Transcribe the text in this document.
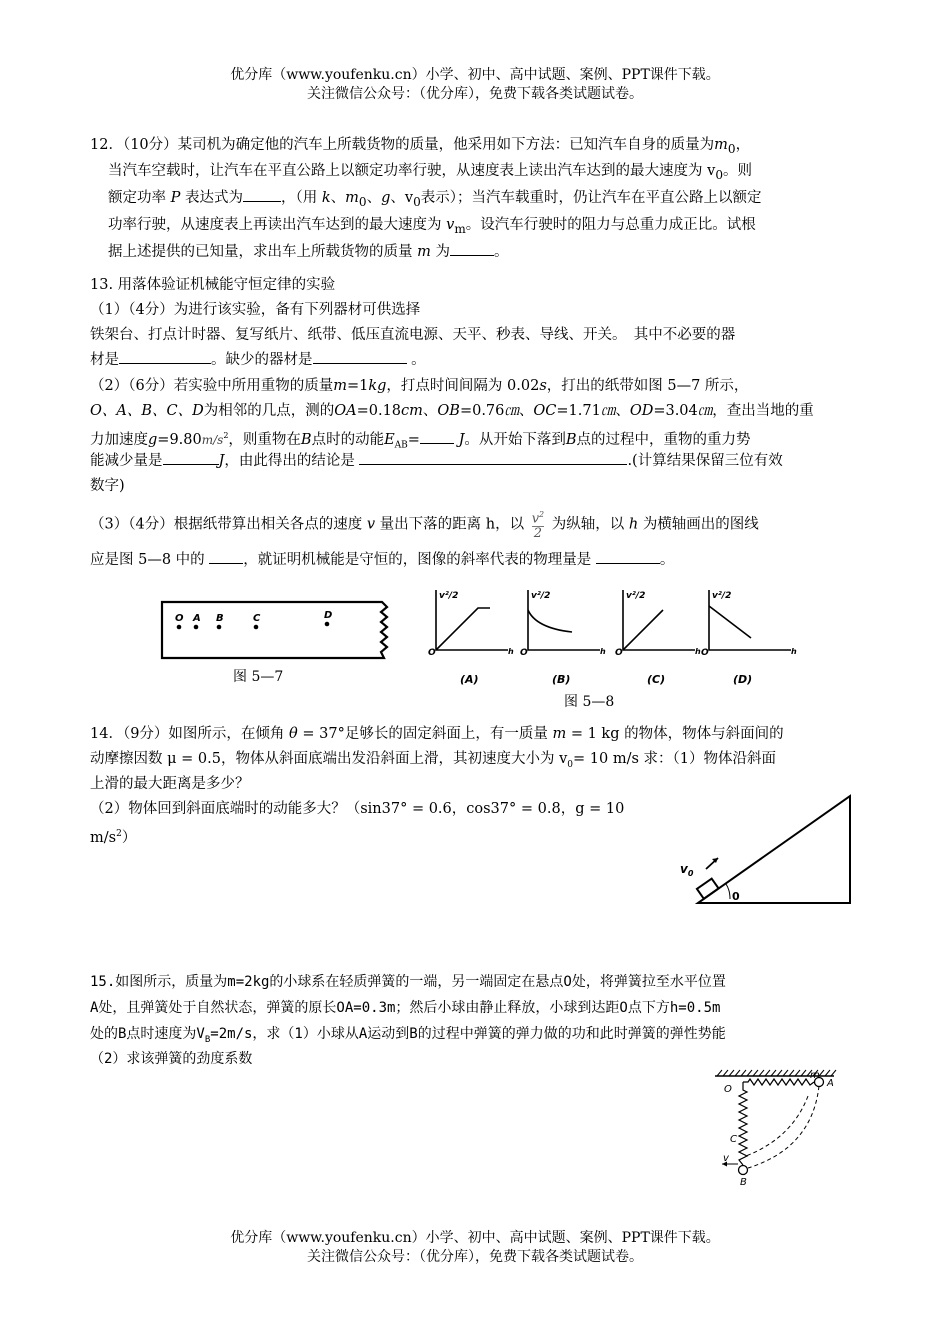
优分库（www.youfenku.cn）小学、初中、高中试题、案例、PPT课件下载。
关注微信公众号：（优分库），免费下载各类试题试卷。
12．（10分）某司机为确定他的汽车上所载货物的质量，他采用如下方法：已知汽车自身的质量为$m_0$，
当汽车空载时，让汽车在平直公路上以额定功率行驶，从速度表上读出汽车达到的最大速度为 $v_0$。则
额定功率 P 表达式为	，（用 k、$m_0$、g、$v_0$表示）；当汽车载重时，仍让汽车在平直公路上以额定
功率行驶，从速度表上再读出汽车达到的最大速度为 $v_m$。设汽车行驶时的阻力与总重力成正比。试根
据上述提供的已知量，求出车上所载货物的质量 m 为	。
13. 用落体验证机械能守恒定律的实验
（1）（4分）为进行该实验，备有下列器材可供选择
铁架台、打点计时器、复写纸片、纸带、低压直流电源、天平、秒表、导线、开关。　其中不必要的器
材是	。缺少的器材是	。
（2）（6分）若实验中所用重物的质量m=1kg，打点时间间隔为 0.02s，打出的纸带如图 5—7 所示，
O、A、B、C、D为相邻的几点，测的OA=0.18cm、OB=0.76㎝、OC=1.71㎝、OD=3.04㎝，查出当地的重
力加速度$g=9.80m/s^2$，则重物在B点时的动能$E_{AB}=$	J。从开始下落到B点的过程中，重物的重力势
能减少量是	J，由此得出的结论是	.(计算结果保留三位有效
数字)
（3）（4分）根据纸带算出相关各点的速度 v 量出下落的距离 h，以 $\frac{v^2}{2}$ 为纵轴，以 h 为横轴画出的图线
应是图 5—8 中的	，就证明机械能是守恒的，图像的斜率代表的物理量是	。
O A B	C	D
图 5—7
v²/2
h
O
(A)
v²/2
h
O
(B)
v²/2
h
O
(C)
v²/2
h
O
(D)
图 5—8
14．（9分）如图所示，在倾角 θ = 37°足够长的固定斜面上，有一质量 m = 1 kg 的物体，物体与斜面间的
动摩擦因数 μ = 0.5，物体从斜面底端出发沿斜面上滑，其初速度大小为 $v_0= 10$ m/s 求：（1）物体沿斜面
上滑的最大距离是多少？
（2）物体回到斜面底端时的动能多大？（sin37° = 0.6，cos37° = 0.8，g = 10
$m/s^2$）
$v_0$
0
15.如图所示，质量为m=2kg的小球系在轻质弹簧的一端，另一端固定在悬点O处，将弹簧拉至水平位置
A处，且弹簧处于自然状态，弹簧的原长OA=0.3m；然后小球由静止释放，小球到达距O点下方h=0.5m
处的B点时速度为$V_B=2m/s$，求（1）小球从A运动到B的过程中弹簧的弹力做的功和此时弹簧的弹性势能
（2）求该弹簧的劲度系数
O
m
A
C
v
B
优分库（www.youfenku.cn）小学、初中、高中试题、案例、PPT课件下载。
关注微信公众号：（优分库），免费下载各类试题试卷。
